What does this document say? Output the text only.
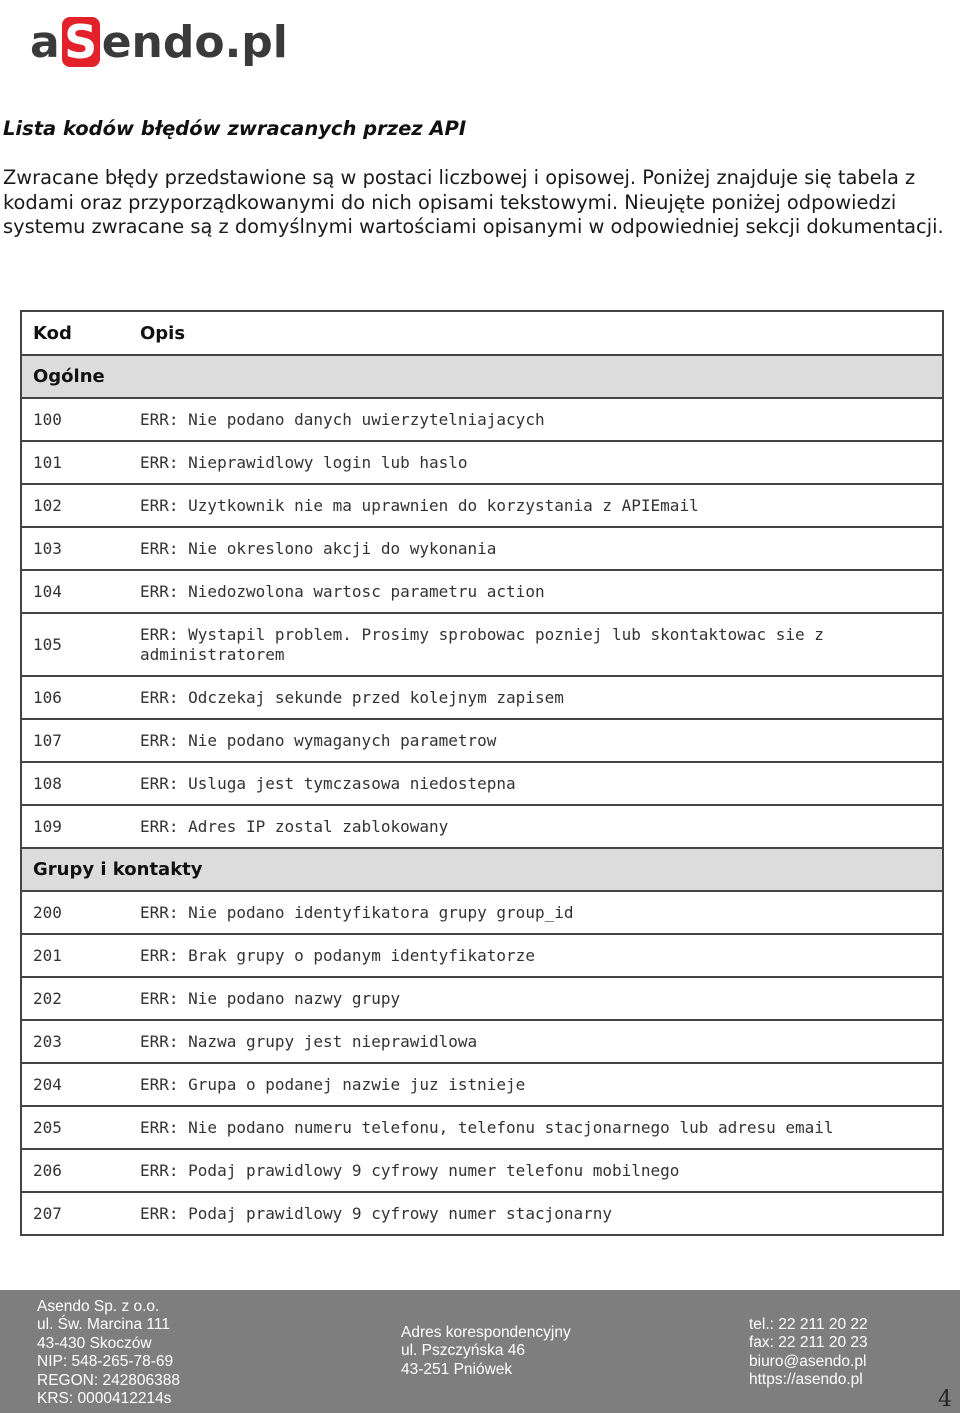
a S endo.pl
Lista kodów błędów zwracanych przez API

Zwracane błędy przedstawione są w postaci liczbowej i opisowej. Poniżej znajduje się tabela z kodami oraz przyporządkowanymi do nich opisami tekstowymi. Nieujęte poniżej odpowiedzi systemu zwracane są z domyślnymi wartościami opisanymi w odpowiedniej sekcji dokumentacji.

Kod	Opis
Ogólne	
100	ERR: Nie podano danych uwierzytelniajacych
101	ERR: Nieprawidlowy login lub haslo
102	ERR: Uzytkownik nie ma uprawnien do korzystania z APIEmail
103	ERR: Nie okreslono akcji do wykonania
104	ERR: Niedozwolona wartosc parametru action
105	ERR: Wystapil problem. Prosimy sprobowac pozniej lub skontaktowac sie z administratorem
106	ERR: Odczekaj sekunde przed kolejnym zapisem
107	ERR: Nie podano wymaganych parametrow
108	ERR: Usluga jest tymczasowa niedostepna
109	ERR: Adres IP zostal zablokowany
Grupy i kontakty	
200	ERR: Nie podano identyfikatora grupy group_id
201	ERR: Brak grupy o podanym identyfikatorze
202	ERR: Nie podano nazwy grupy
203	ERR: Nazwa grupy jest nieprawidlowa
204	ERR: Grupa o podanej nazwie juz istnieje
205	ERR: Nie podano numeru telefonu, telefonu stacjonarnego lub adresu email
206	ERR: Podaj prawidlowy 9 cyfrowy numer telefonu mobilnego
207	ERR: Podaj prawidlowy 9 cyfrowy numer stacjonarny
Asendo Sp. z o.o.
ul. Św. Marcina 111
43-430 Skoczów
NIP: 548-265-78-69
REGON: 242806388
KRS: 0000412214s
Adres korespondencyjny
ul. Pszczyńska 46
43-251 Pniówek
tel.: 22 211 20 22
fax: 22 211 20 23
biuro@asendo.pl
https://asendo.pl
4
